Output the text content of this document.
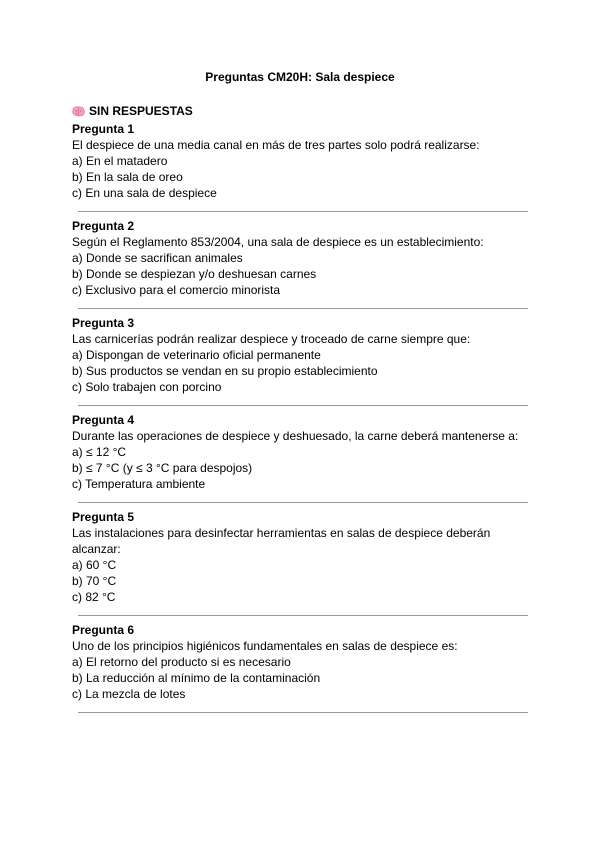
Preguntas CM20H: Sala despiece
SIN RESPUESTAS
Pregunta 1
El despiece de una media canal en más de tres partes solo podrá realizarse:
a) En el matadero
b) En la sala de oreo
c) En una sala de despiece
Pregunta 2
Según el Reglamento 853/2004, una sala de despiece es un establecimiento:
a) Donde se sacrifican animales
b) Donde se despiezan y/o deshuesan carnes
c) Exclusivo para el comercio minorista
Pregunta 3
Las carnicerías podrán realizar despiece y troceado de carne siempre que:
a) Dispongan de veterinario oficial permanente
b) Sus productos se vendan en su propio establecimiento
c) Solo trabajen con porcino
Pregunta 4
Durante las operaciones de despiece y deshuesado, la carne deberá mantenerse a:
a) ≤ 12 °C
b) ≤ 7 °C (y ≤ 3 °C para despojos)
c) Temperatura ambiente
Pregunta 5
Las instalaciones para desinfectar herramientas en salas de despiece deberán alcanzar:
a) 60 °C
b) 70 °C
c) 82 °C
Pregunta 6
Uno de los principios higiénicos fundamentales en salas de despiece es:
a) El retorno del producto si es necesario
b) La reducción al mínimo de la contaminación
c) La mezcla de lotes
